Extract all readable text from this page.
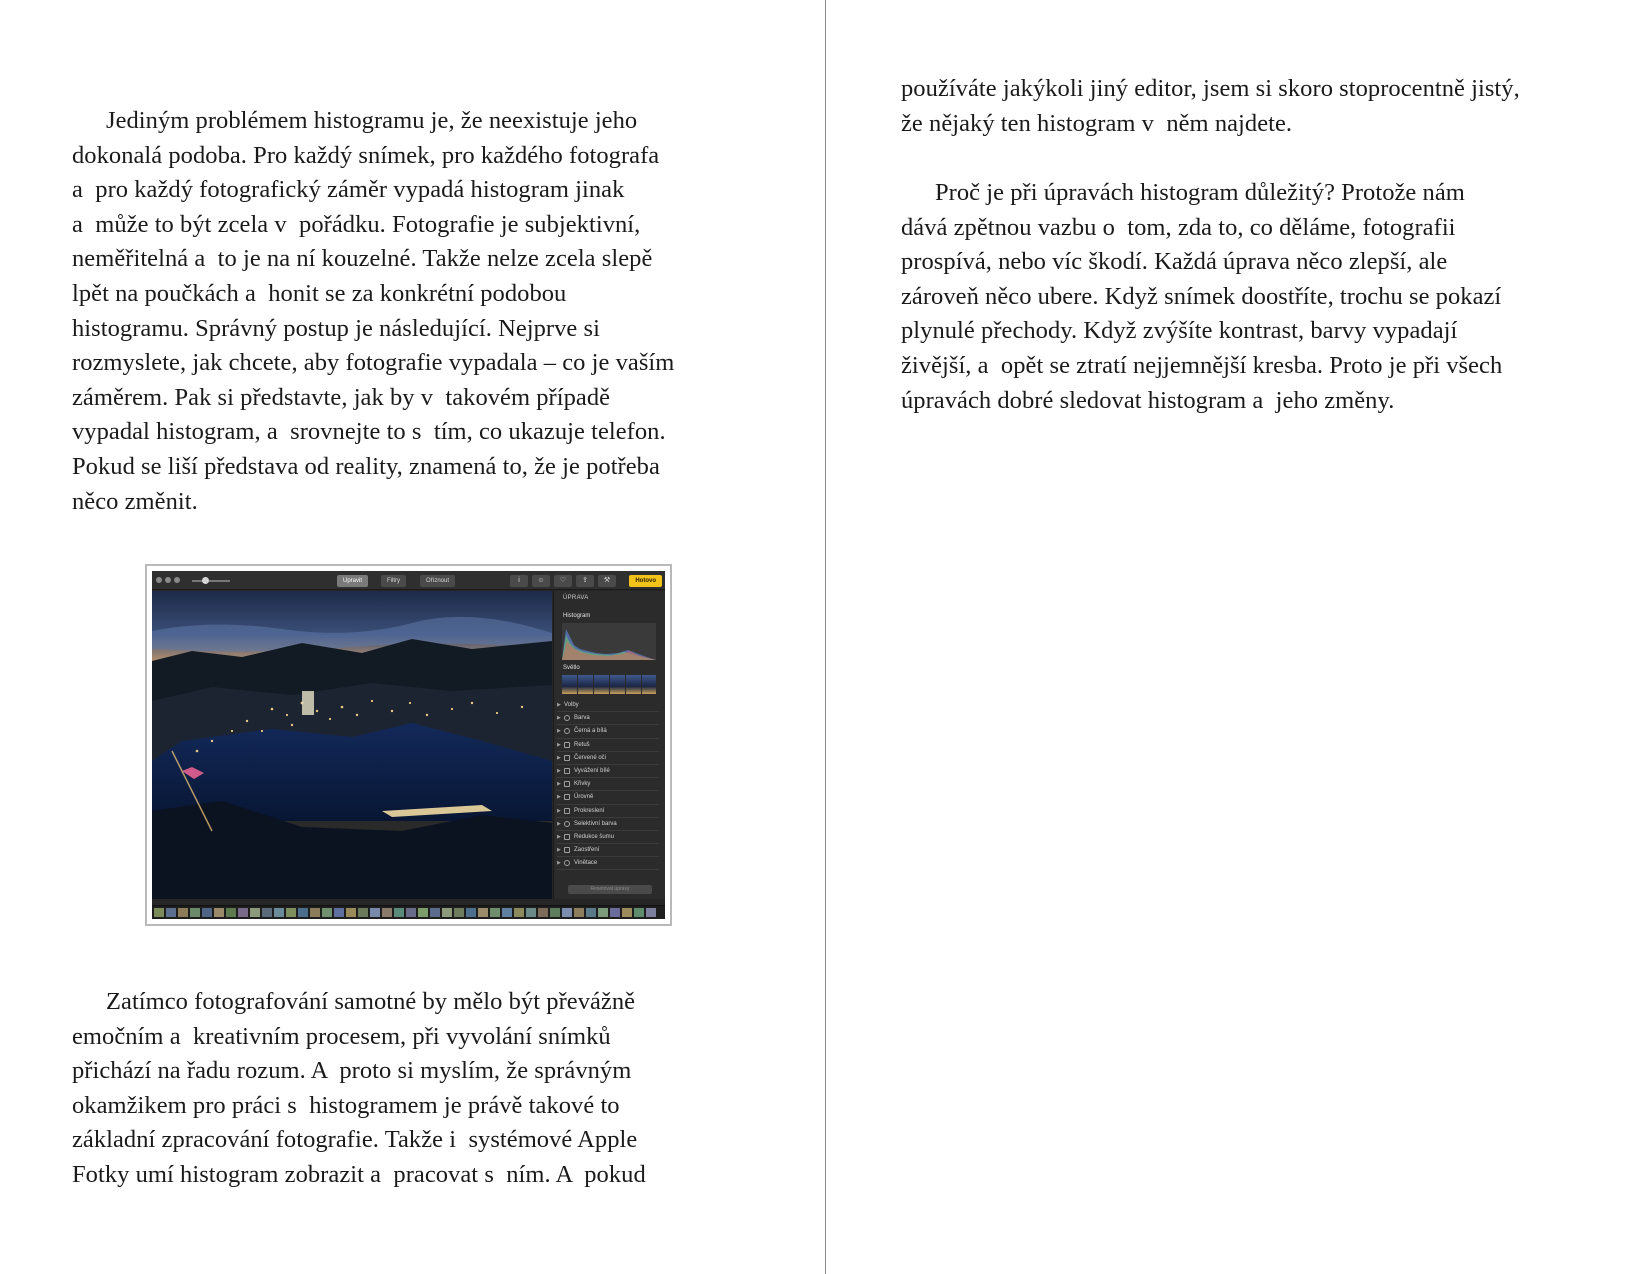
Jediným problémem histogramu je, že neexistuje jeho
dokonalá podoba. Pro každý snímek, pro každého fotografa
a  pro každý fotografický záměr vypadá histogram jinak
a  může to být zcela v  pořádku. Fotografie je subjektivní,
neměřitelná a  to je na ní kouzelné. Takže nelze zcela slepě
lpět na poučkách a  honit se za konkrétní podobou
histogramu. Správný postup je následující. Nejprve si
rozmyslete, jak chcete, aby fotografie vypadala – co je vaším
záměrem. Pak si představte, jak by v  takovém případě
vypadal histogram, a  srovnejte to s  tím, co ukazuje telefon.
Pokud se liší představa od reality, znamená to, že je potřeba
něco změnit.
Upravit	Filtry	Oříznout	i	☺	♡	⇪	⚒	Hotovo
ÚPRAVA
Histogram
Světlo
▶ Volby
▶	Barva
▶	Černá a bílá
▶	Retuš
▶	Červené oči
▶	Vyvážení bílé
▶	Křivky
▶	Úrovně
▶	Prokreslení
▶	Selektivní barva
▶	Redukce šumu
▶	Zaostření
▶	Vinětace
Resetovat úpravy
Zatímco fotografování samotné by mělo být převážně
emočním a  kreativním procesem, při vyvolání snímků
přichází na řadu rozum. A  proto si myslím, že správným
okamžikem pro práci s  histogramem je právě takové to
základní zpracování fotografie. Takže i  systémové Apple
Fotky umí histogram zobrazit a  pracovat s  ním. A  pokud
používáte jakýkoli jiný editor, jsem si skoro stoprocentně jistý,
že nějaký ten histogram v  něm najdete.
Proč je při úpravách histogram důležitý? Protože nám
dává zpětnou vazbu o  tom, zda to, co děláme, fotografii
prospívá, nebo víc škodí. Každá úprava něco zlepší, ale
zároveň něco ubere. Když snímek doostříte, trochu se pokazí
plynulé přechody. Když zvýšíte kontrast, barvy vypadají
živější, a  opět se ztratí nejjemnější kresba. Proto je při všech
úpravách dobré sledovat histogram a  jeho změny.
